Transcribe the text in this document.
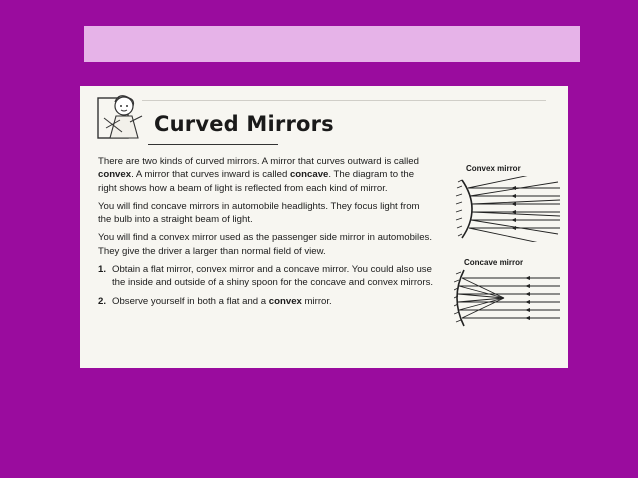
Curved Mirrors

There are two kinds of curved mirrors. A mirror that curves outward is called convex. A mirror that curves inward is called concave. The diagram to the right shows how a beam of light is reflected from each kind of mirror.

You will find concave mirrors in automobile headlights. They focus light from the bulb into a straight beam of light.

You will find a convex mirror used as the passenger side mirror in automobiles. They give the driver a larger than normal field of view.

1. Obtain a flat mirror, convex mirror and a concave mirror. You could also use the inside and outside of a shiny spoon for the concave and convex mirrors.
2. Observe yourself in both a flat and a convex mirror.
Convex mirror
Concave mirror
